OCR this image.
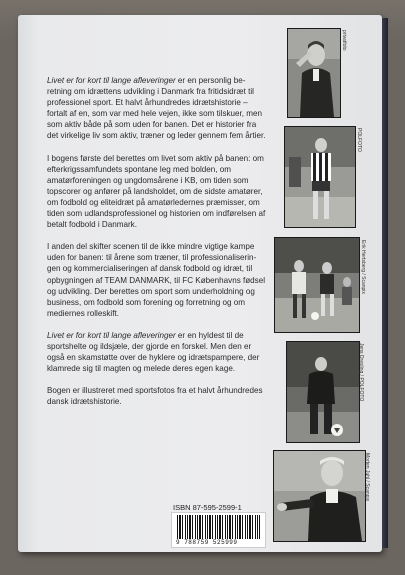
Livet er for kort til lange afleveringer er en personlig be-retning om idrættens udvikling i Danmark fra fritidsidræt til professionel sport. Et halvt århundredes idrætshistorie – fortalt af en, som var med hele vejen, ikke som tilskuer, men som aktiv både på som uden for banen. Det er historier fra det virkelige liv som aktiv, træner og leder gennem fem årtier.

I bogens første del berettes om livet som aktiv på banen: om efterkrigssamfundets spontane leg med bolden, om amatørforeningen og ungdomsårene i KB, om tiden som topscorer og anfører på landsholdet, om de sidste amatører, om fodbold og eliteidræt på amatørledernes præmisser, om tiden som udlandsprofessionel og historien om indførelsen af betalt fodbold i Danmark.

I anden del skifter scenen til de ikke mindre vigtige kampe uden for banen: til årene som træner, til professionaliserin-gen og kommercialiseringen af dansk fodbold og idræt, til opbygningen af TEAM DANMARK, til FC Københavns fødsel og udvikling. Der berettes om sport som underholdning og business, om fodbold som forening og forretning og om mediernes rolleskift.

Livet er for kort til lange afleveringer er en hyldest til de sportshelte og ildsjæle, der gjorde en forskel. Men den er også en skamstøtte over de hyklere og idrætspampere, der klamrede sig til magten og melede deres egen kage.

Bogen er illustreret med sportsfotos fra et halvt århundredes dansk idrætshistorie.

privatfoto
POLFOTO
Erik Hertsberg / Scanpix
Jens Dresling / POLFOTO
Morten Juhl / Scanpix
ISBN 87-595-2599-1
9 788759 525999
